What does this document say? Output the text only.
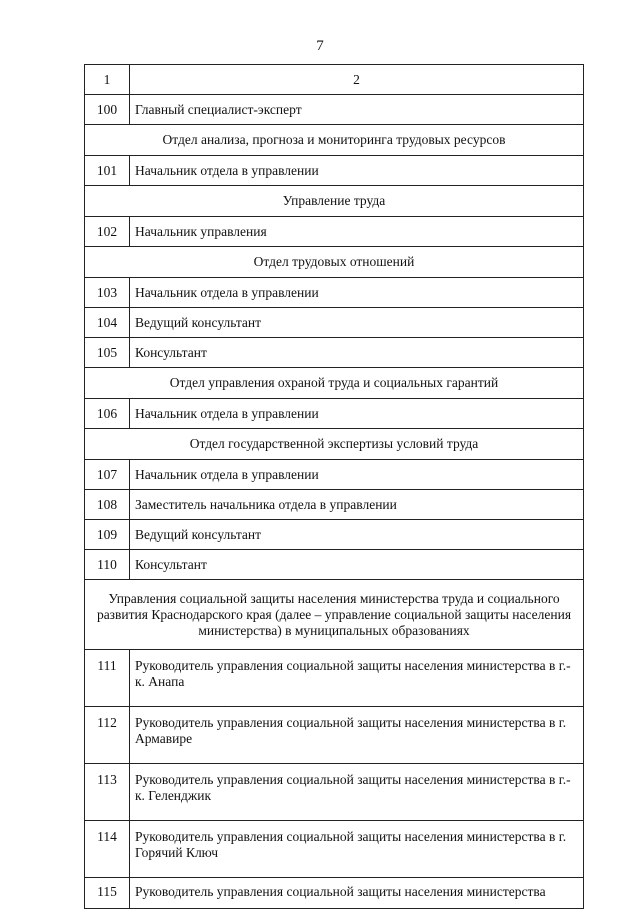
7
1	2
100	Главный специалист-эксперт
Отдел анализа, прогноза и мониторинга трудовых ресурсов	
101	Начальник отдела в управлении
Управление труда	
102	Начальник управления
Отдел трудовых отношений	
103	Начальник отдела в управлении
104	Ведущий консультант
105	Консультант
Отдел управления охраной труда и социальных гарантий	
106	Начальник отдела в управлении
Отдел государственной экспертизы условий труда	
107	Начальник отдела в управлении
108	Заместитель начальника отдела в управлении
109	Ведущий консультант
110	Консультант
Управления социальной защиты населения министерства труда и социального развития Краснодарского края (далее – управление социальной защиты населения министерства) в муниципальных образованиях	
111	Руководитель управления социальной защиты населения министерства в г.-к. Анапа
112	Руководитель управления социальной защиты населения министерства в г. Армавире
113	Руководитель управления социальной защиты населения министерства в г.-к. Геленджик
114	Руководитель управления социальной защиты населения министерства в г. Горячий Ключ
115	Руководитель управления социальной защиты населения министерства
